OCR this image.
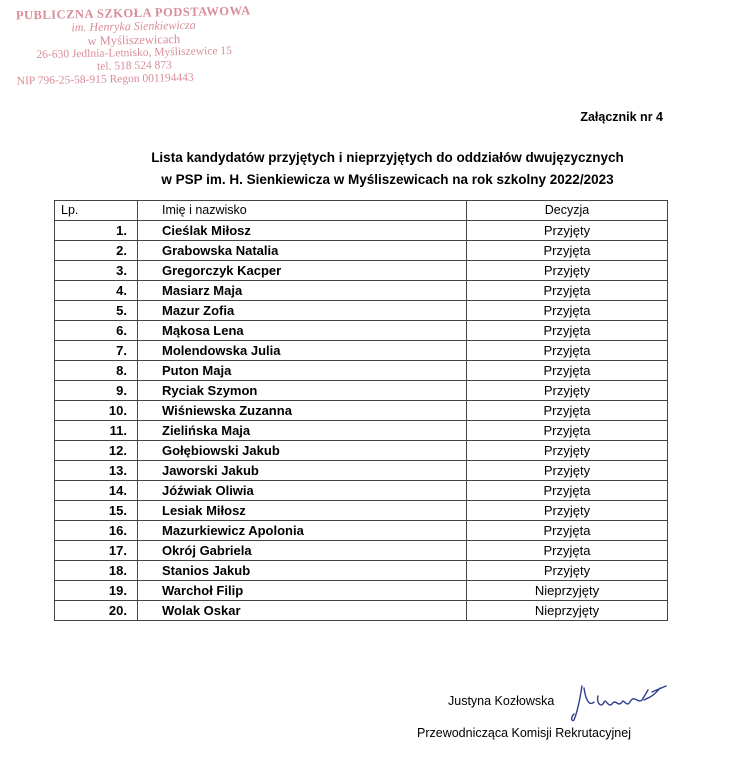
PUBLICZNA SZKOŁA PODSTAWOWA
im. Henryka Sienkiewicza
w Myśliszewicach
26-630 Jedlnia-Letnisko, Myśliszewice 15
tel. 518 524 873
NIP 796-25-58-915 Regon 001194443
Załącznik nr 4
Lista kandydatów przyjętych i nieprzyjętych do oddziałów dwujęzycznych
w PSP im. H. Sienkiewicza w Myśliszewicach na rok szkolny 2022/2023
Lp.	Imię i nazwisko	Decyzja
1.	Cieślak Miłosz	Przyjęty
2.	Grabowska Natalia	Przyjęta
3.	Gregorczyk Kacper	Przyjęty
4.	Masiarz Maja	Przyjęta
5.	Mazur Zofia	Przyjęta
6.	Mąkosa Lena	Przyjęta
7.	Molendowska Julia	Przyjęta
8.	Puton Maja	Przyjęta
9.	Ryciak Szymon	Przyjęty
10.	Wiśniewska Zuzanna	Przyjęta
11.	Zielińska Maja	Przyjęta
12.	Gołębiowski Jakub	Przyjęty
13.	Jaworski Jakub	Przyjęty
14.	Jóźwiak Oliwia	Przyjęta
15.	Lesiak Miłosz	Przyjęty
16.	Mazurkiewicz Apolonia	Przyjęta
17.	Okrój Gabriela	Przyjęta
18.	Stanios Jakub	Przyjęty
19.	Warchoł Filip	Nieprzyjęty
20.	Wolak Oskar	Nieprzyjęty
Justyna Kozłowska
Przewodnicząca Komisji Rekrutacyjnej
